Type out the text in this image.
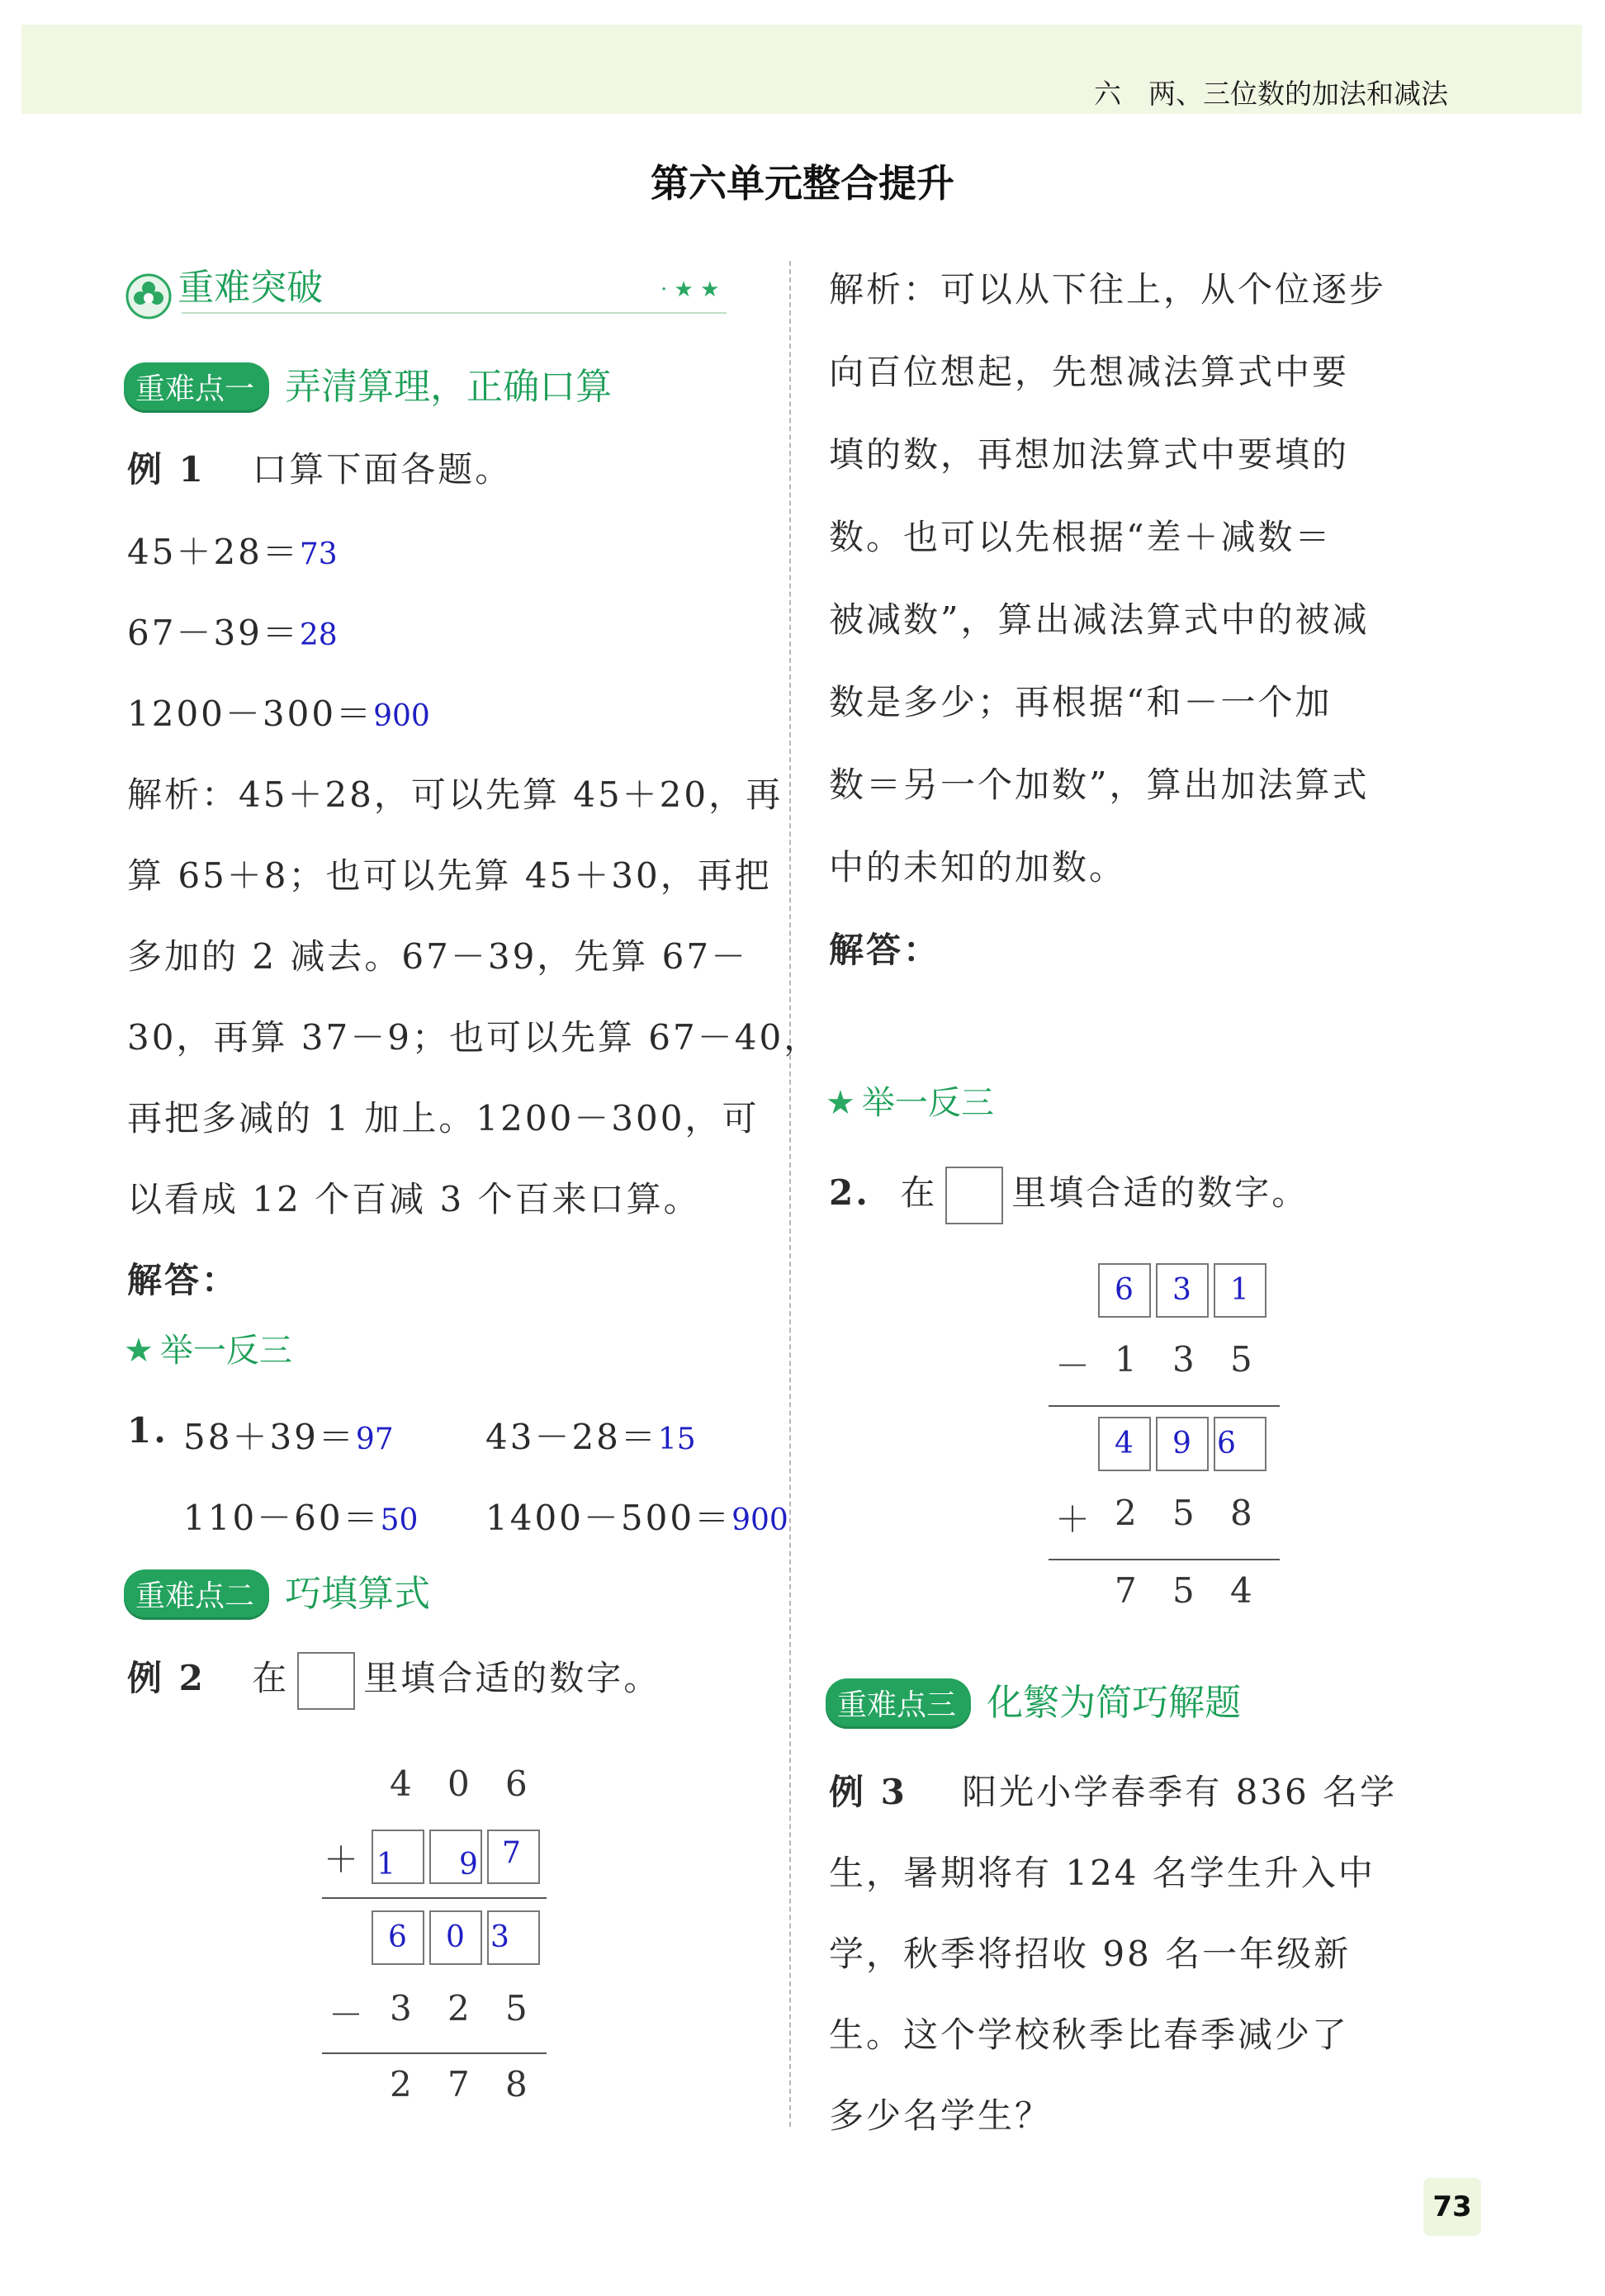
六　两、三位数的加法和减法
第六单元整合提升
重难突破	· ★ ★
重难点一 弄清算理，正确口算
例 1 口算下面各题。
45＋28＝73
67－39＝28
1200－300＝900
解析：45＋28，可以先算 45＋20，再
算 65＋8；也可以先算 45＋30，再把
多加的 2 减去。67－39，先算 67－
30，再算 37－9；也可以先算 67－40，
再把多减的 1 加上。1200－300，可
以看成 12 个百减 3 个百来口算。
解答：
★ 举一反三
1. 58＋39＝97	43－28＝15
110－60＝50 1400－500＝900
重难点二 巧填算式
例 2 在 里填合适的数字。
4 0 6
＋ 1 9 7
6 0 3
－ 3 2 5
2 7 8
解析：可以从下往上，从个位逐步
向百位想起，先想减法算式中要
填的数，再想加法算式中要填的
数。也可以先根据“差＋减数＝
被减数”，算出减法算式中的被减
数是多少；再根据“和－一个加
数＝另一个加数”，算出加法算式
中的未知的加数。
解答：
★ 举一反三
2. 在 里填合适的数字。
6 3 1
－ 1 3 5
4 9 6
＋ 2 5 8
7 5 4
重难点三 化繁为简巧解题
例 3 阳光小学春季有 836 名学
生，暑期将有 124 名学生升入中
学，秋季将招收 98 名一年级新
生。这个学校秋季比春季减少了
多少名学生？
73
